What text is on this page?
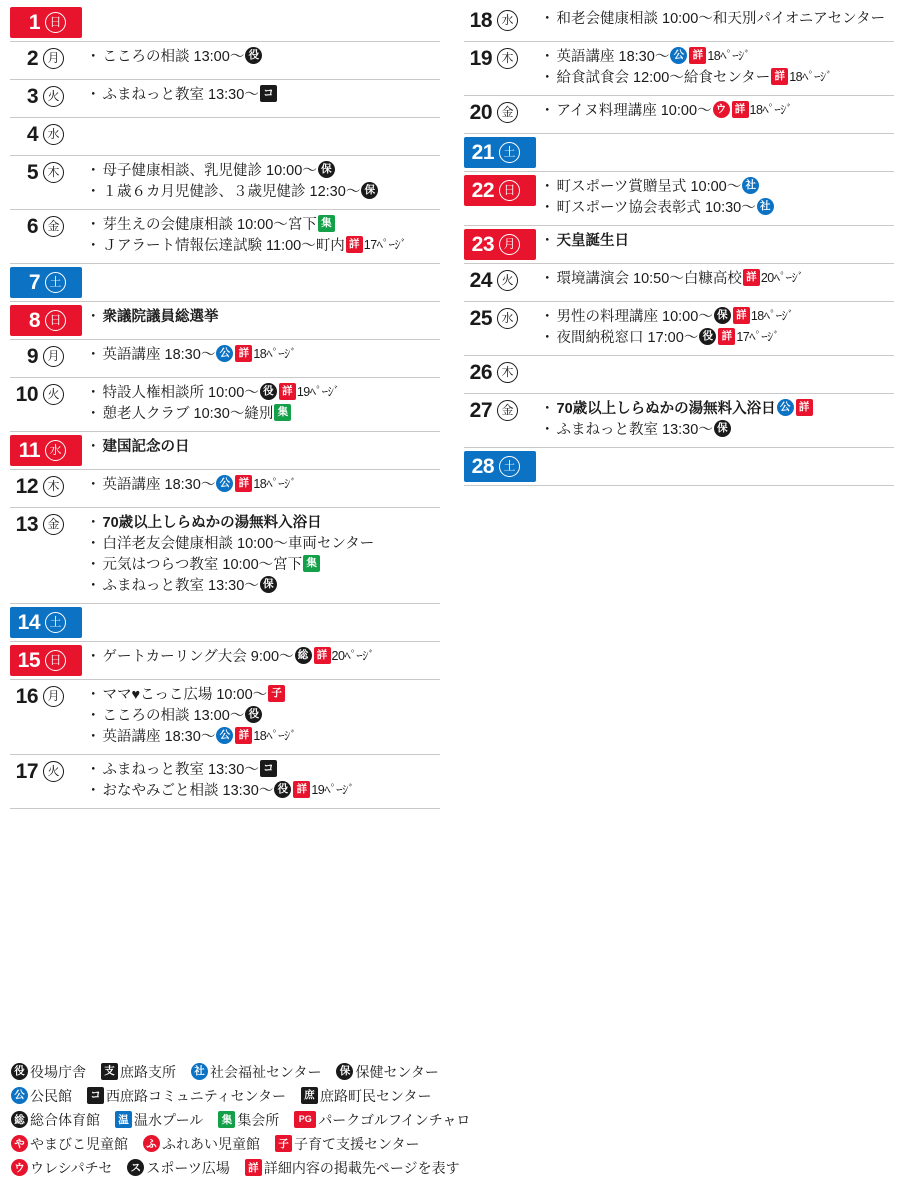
1 日
2 月	・ こころの相談 13:00〜 役
3 火	・ ふまねっと教室 13:30〜 コ
4 水
5 木	・ 母子健康相談、乳児健診 10:00〜 保
・ １歳６カ月児健診、３歳児健診 12:30〜 保
6 金	・ 芽生えの会健康相談 10:00〜宮下 集
・ Ｊアラート情報伝達試験 11:00〜町内 詳 17ﾍﾟｰｼﾞ
7 土
8 日	・ 衆議院議員総選挙
9 月	・ 英語講座 18:30〜 公 詳 18ﾍﾟｰｼﾞ
10 火	・ 特設人権相談所 10:00〜 役 詳 19ﾍﾟｰｼﾞ
・ 憩老人クラブ 10:30〜縫別 集
11 水	・ 建国記念の日
12 木	・ 英語講座 18:30〜 公 詳 18ﾍﾟｰｼﾞ
13 金	・ 70歳以上しらぬかの湯無料入浴日
・ 白洋老友会健康相談 10:00〜車両センター
・ 元気はつらつ教室 10:00〜宮下 集
・ ふまねっと教室 13:30〜 保
14 土
15 日	・ ゲートカーリング大会 9:00〜 総 詳 20ﾍﾟｰｼﾞ
16 月	・ ママ♥こっこ広場 10:00〜 子
・ こころの相談 13:00〜 役
・ 英語講座 18:30〜 公 詳 18ﾍﾟｰｼﾞ
17 火	・ ふまねっと教室 13:30〜 コ
・ おなやみごと相談 13:30〜 役 詳 19ﾍﾟｰｼﾞ
18 水	・ 和老会健康相談 10:00〜和天別パイオニアセンター
19 木	・ 英語講座 18:30〜 公 詳 18ﾍﾟｰｼﾞ
・ 給食試食会 12:00〜給食センター 詳 18ﾍﾟｰｼﾞ
20 金	・ アイヌ料理講座 10:00〜 ウ 詳 18ﾍﾟｰｼﾞ
21 土
22 日	・ 町スポーツ賞贈呈式 10:00〜 社
・ 町スポーツ協会表彰式 10:30〜 社
23 月	・ 天皇誕生日
24 火	・ 環境講演会 10:50〜白糠高校 詳 20ﾍﾟｰｼﾞ
25 水	・ 男性の料理講座 10:00〜 保 詳 18ﾍﾟｰｼﾞ
・ 夜間納税窓口 17:00〜 役 詳 17ﾍﾟｰｼﾞ
26 木
27 金	・ 70歳以上しらぬかの湯無料入浴日 公 詳
・ ふまねっと教室 13:30〜 保
28 土
役 役場庁舎	支 庶路支所	社 社会福祉センター	保 保健センター
公 公民館	コ 西庶路コミュニティセンター	庶 庶路町民センター
総 総合体育館	温 温水プール	集 集会所	PG パークゴルフインチャロ
や やまびこ児童館	ふ ふれあい児童館	子 子育て支援センター
ウ ウレシパチセ	ス スポーツ広場	詳 詳細内容の掲載先ページを表す
